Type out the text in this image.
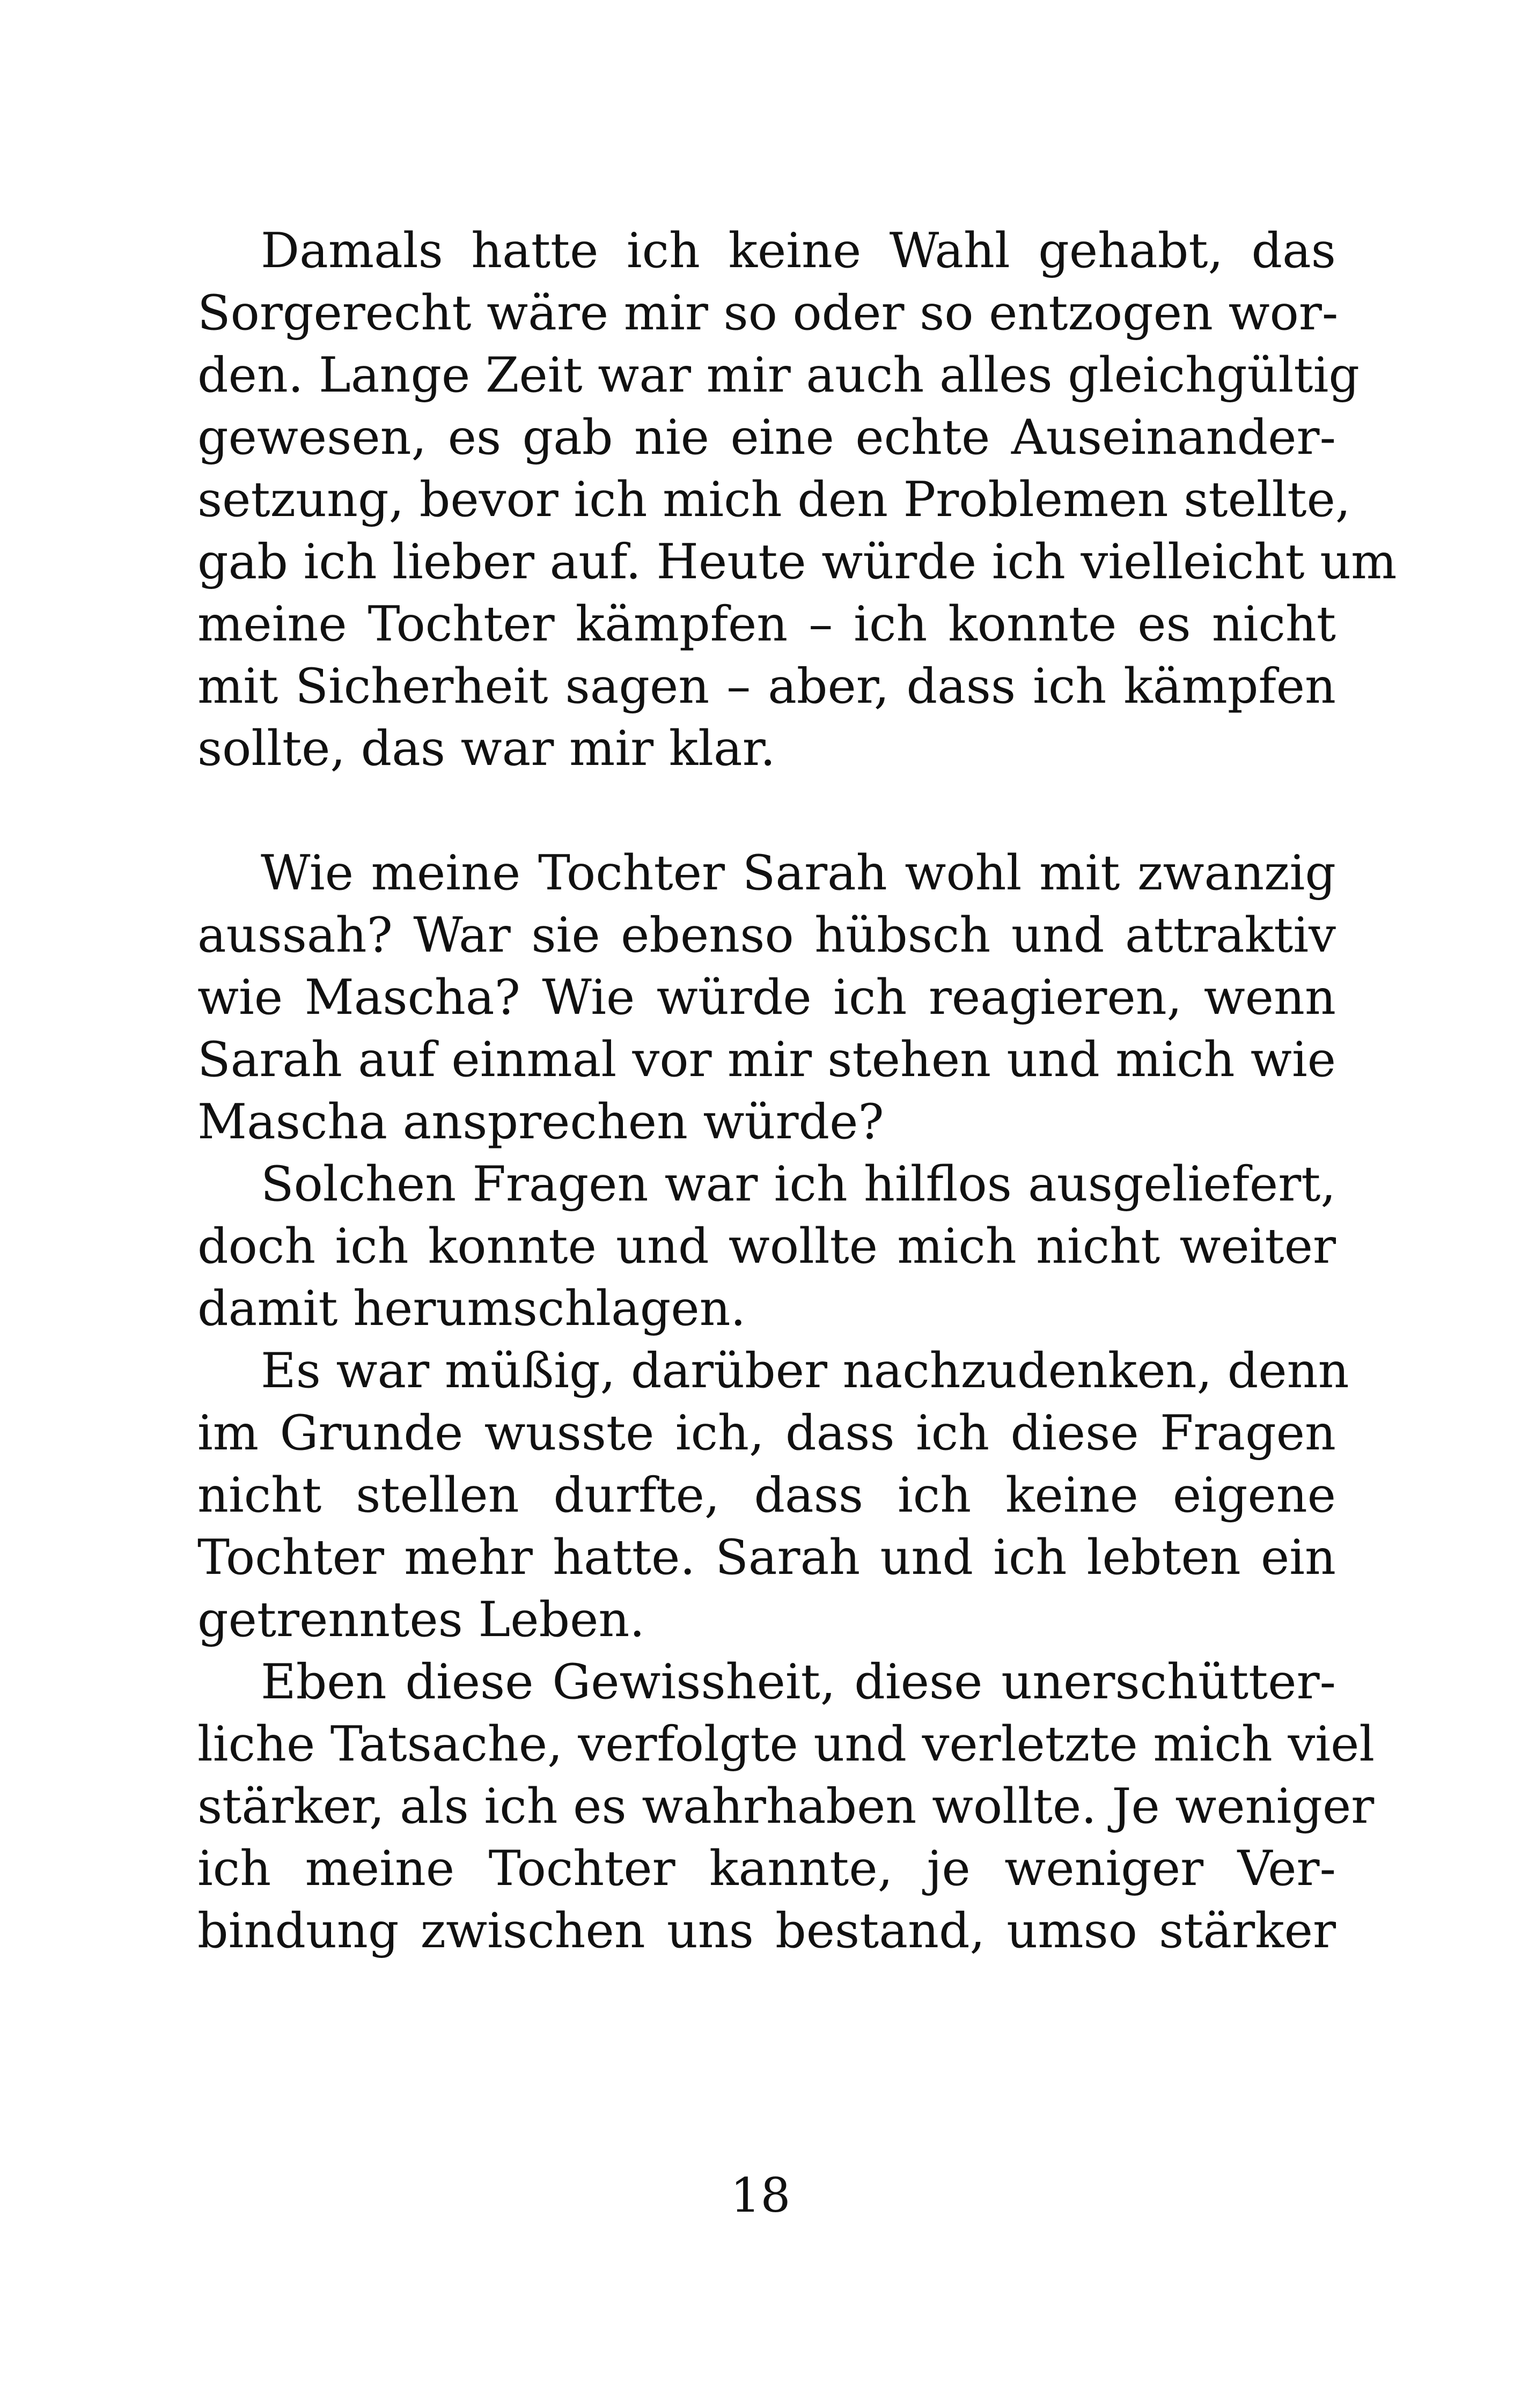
Damals hatte ich keine Wahl gehabt, das
Sorgerecht wäre mir so oder so entzogen wor-
den. Lange Zeit war mir auch alles gleichgültig
gewesen, es gab nie eine echte Auseinander-
setzung, bevor ich mich den Problemen stellte,
gab ich lieber auf. Heute würde ich vielleicht um
meine Tochter kämpfen – ich konnte es nicht
mit Sicherheit sagen – aber, dass ich kämpfen
sollte, das war mir klar.
Wie meine Tochter Sarah wohl mit zwanzig
aussah? War sie ebenso hübsch und attraktiv
wie Mascha? Wie würde ich reagieren, wenn
Sarah auf einmal vor mir stehen und mich wie
Mascha ansprechen würde?
Solchen Fragen war ich hilflos ausgeliefert,
doch ich konnte und wollte mich nicht weiter
damit herumschlagen.
Es war müßig, darüber nachzudenken, denn
im Grunde wusste ich, dass ich diese Fragen
nicht stellen durfte, dass ich keine eigene
Tochter mehr hatte. Sarah und ich lebten ein
getrenntes Leben.
Eben diese Gewissheit, diese unerschütter-
liche Tatsache, verfolgte und verletzte mich viel
stärker, als ich es wahrhaben wollte. Je weniger
ich meine Tochter kannte, je weniger Ver-
bindung zwischen uns bestand, umso stärker
18
